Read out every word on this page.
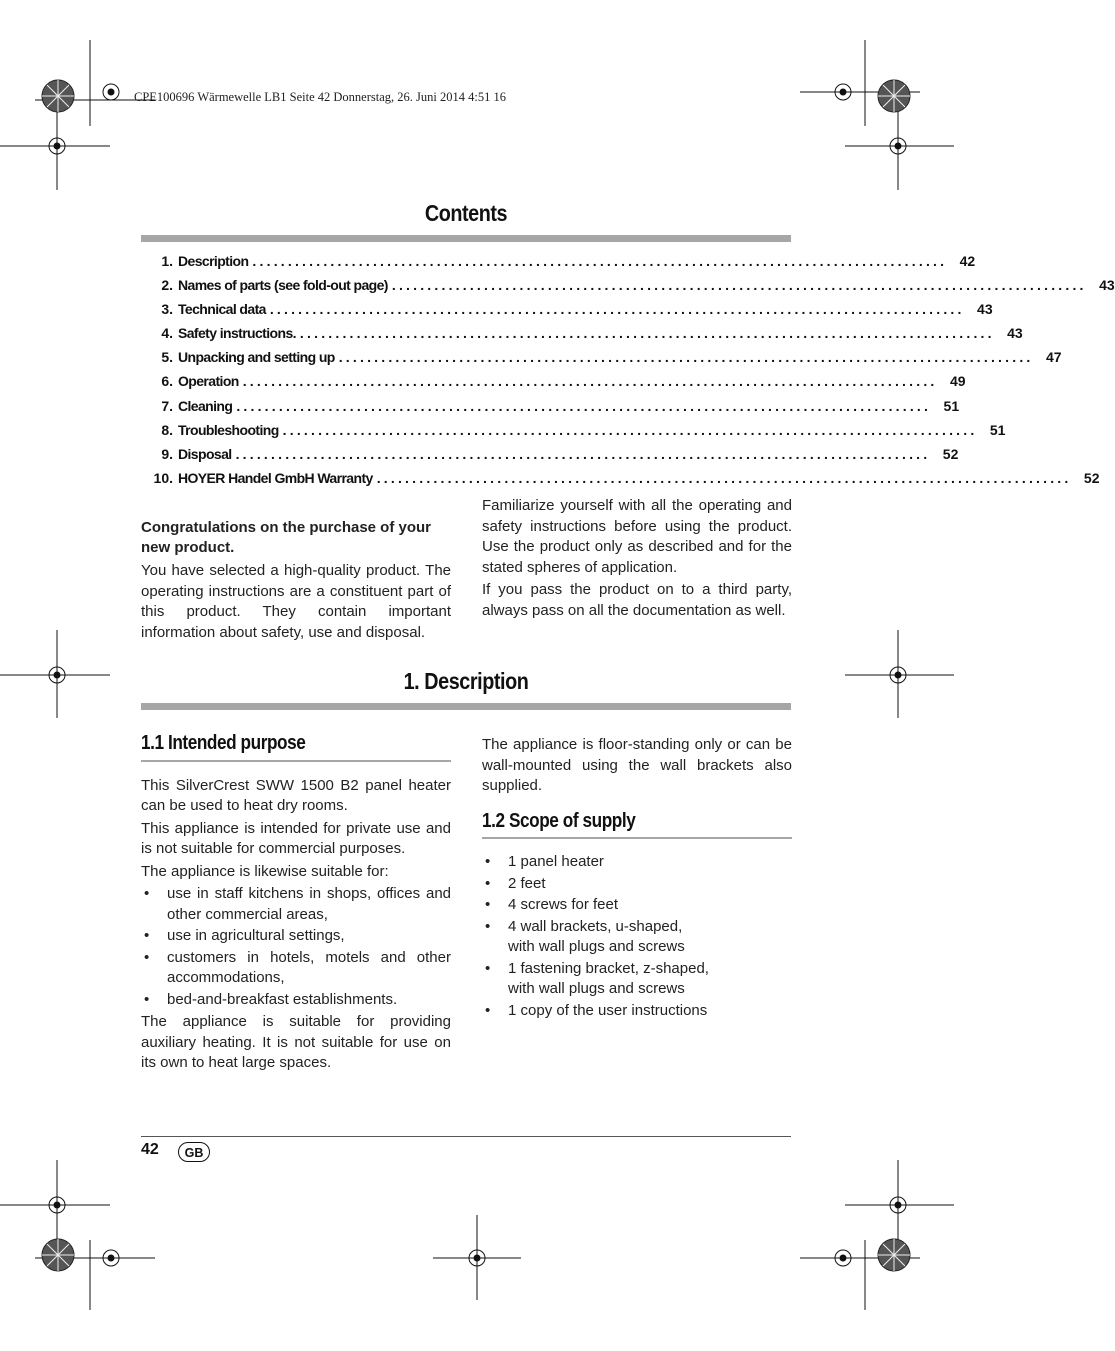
CPE100696 Wärmewelle LB1 Seite 42 Donnerstag, 26. Juni 2014 4:51 16
Contents
1. Description .................................................................................................. 42
2. Names of parts (see fold-out page) .................................................................................................. 43
3. Technical data .................................................................................................. 43
4. Safety instructions. .................................................................................................. 43
5. Unpacking and setting up .................................................................................................. 47
6. Operation .................................................................................................. 49
7. Cleaning .................................................................................................. 51
8. Troubleshooting .................................................................................................. 51
9. Disposal .................................................................................................. 52
10. HOYER Handel GmbH Warranty .................................................................................................. 52
Congratulations on the purchase of your new product.

You have selected a high-quality product. The operating instructions are a constituent part of this product. They contain important information about safety, use and disposal.

Familiarize yourself with all the operating and safety instructions before using the product. Use the product only as described and for the stated spheres of application.

If you pass the product on to a third party, always pass on all the documentation as well.

1. Description
1.1 Intended purpose

This SilverCrest SWW 1500 B2 panel heater can be used to heat dry rooms.

This appliance is intended for private use and is not suitable for commercial purposes.

The appliance is likewise suitable for:

• use in staff kitchens in shops, offices and other commercial areas,
• use in agricultural settings,
• customers in hotels, motels and other accommodations,
• bed-and-breakfast establishments.

The appliance is suitable for providing auxiliary heating. It is not suitable for use on its own to heat large spaces.

The appliance is floor-standing only or can be wall-mounted using the wall brackets also supplied.

1.2 Scope of supply
• 1 panel heater
• 2 feet
• 4 screws for feet
• 4 wall brackets, u-shaped, with wall plugs and screws
• 1 fastening bracket, z-shaped, with wall plugs and screws
• 1 copy of the user instructions
42	GB
